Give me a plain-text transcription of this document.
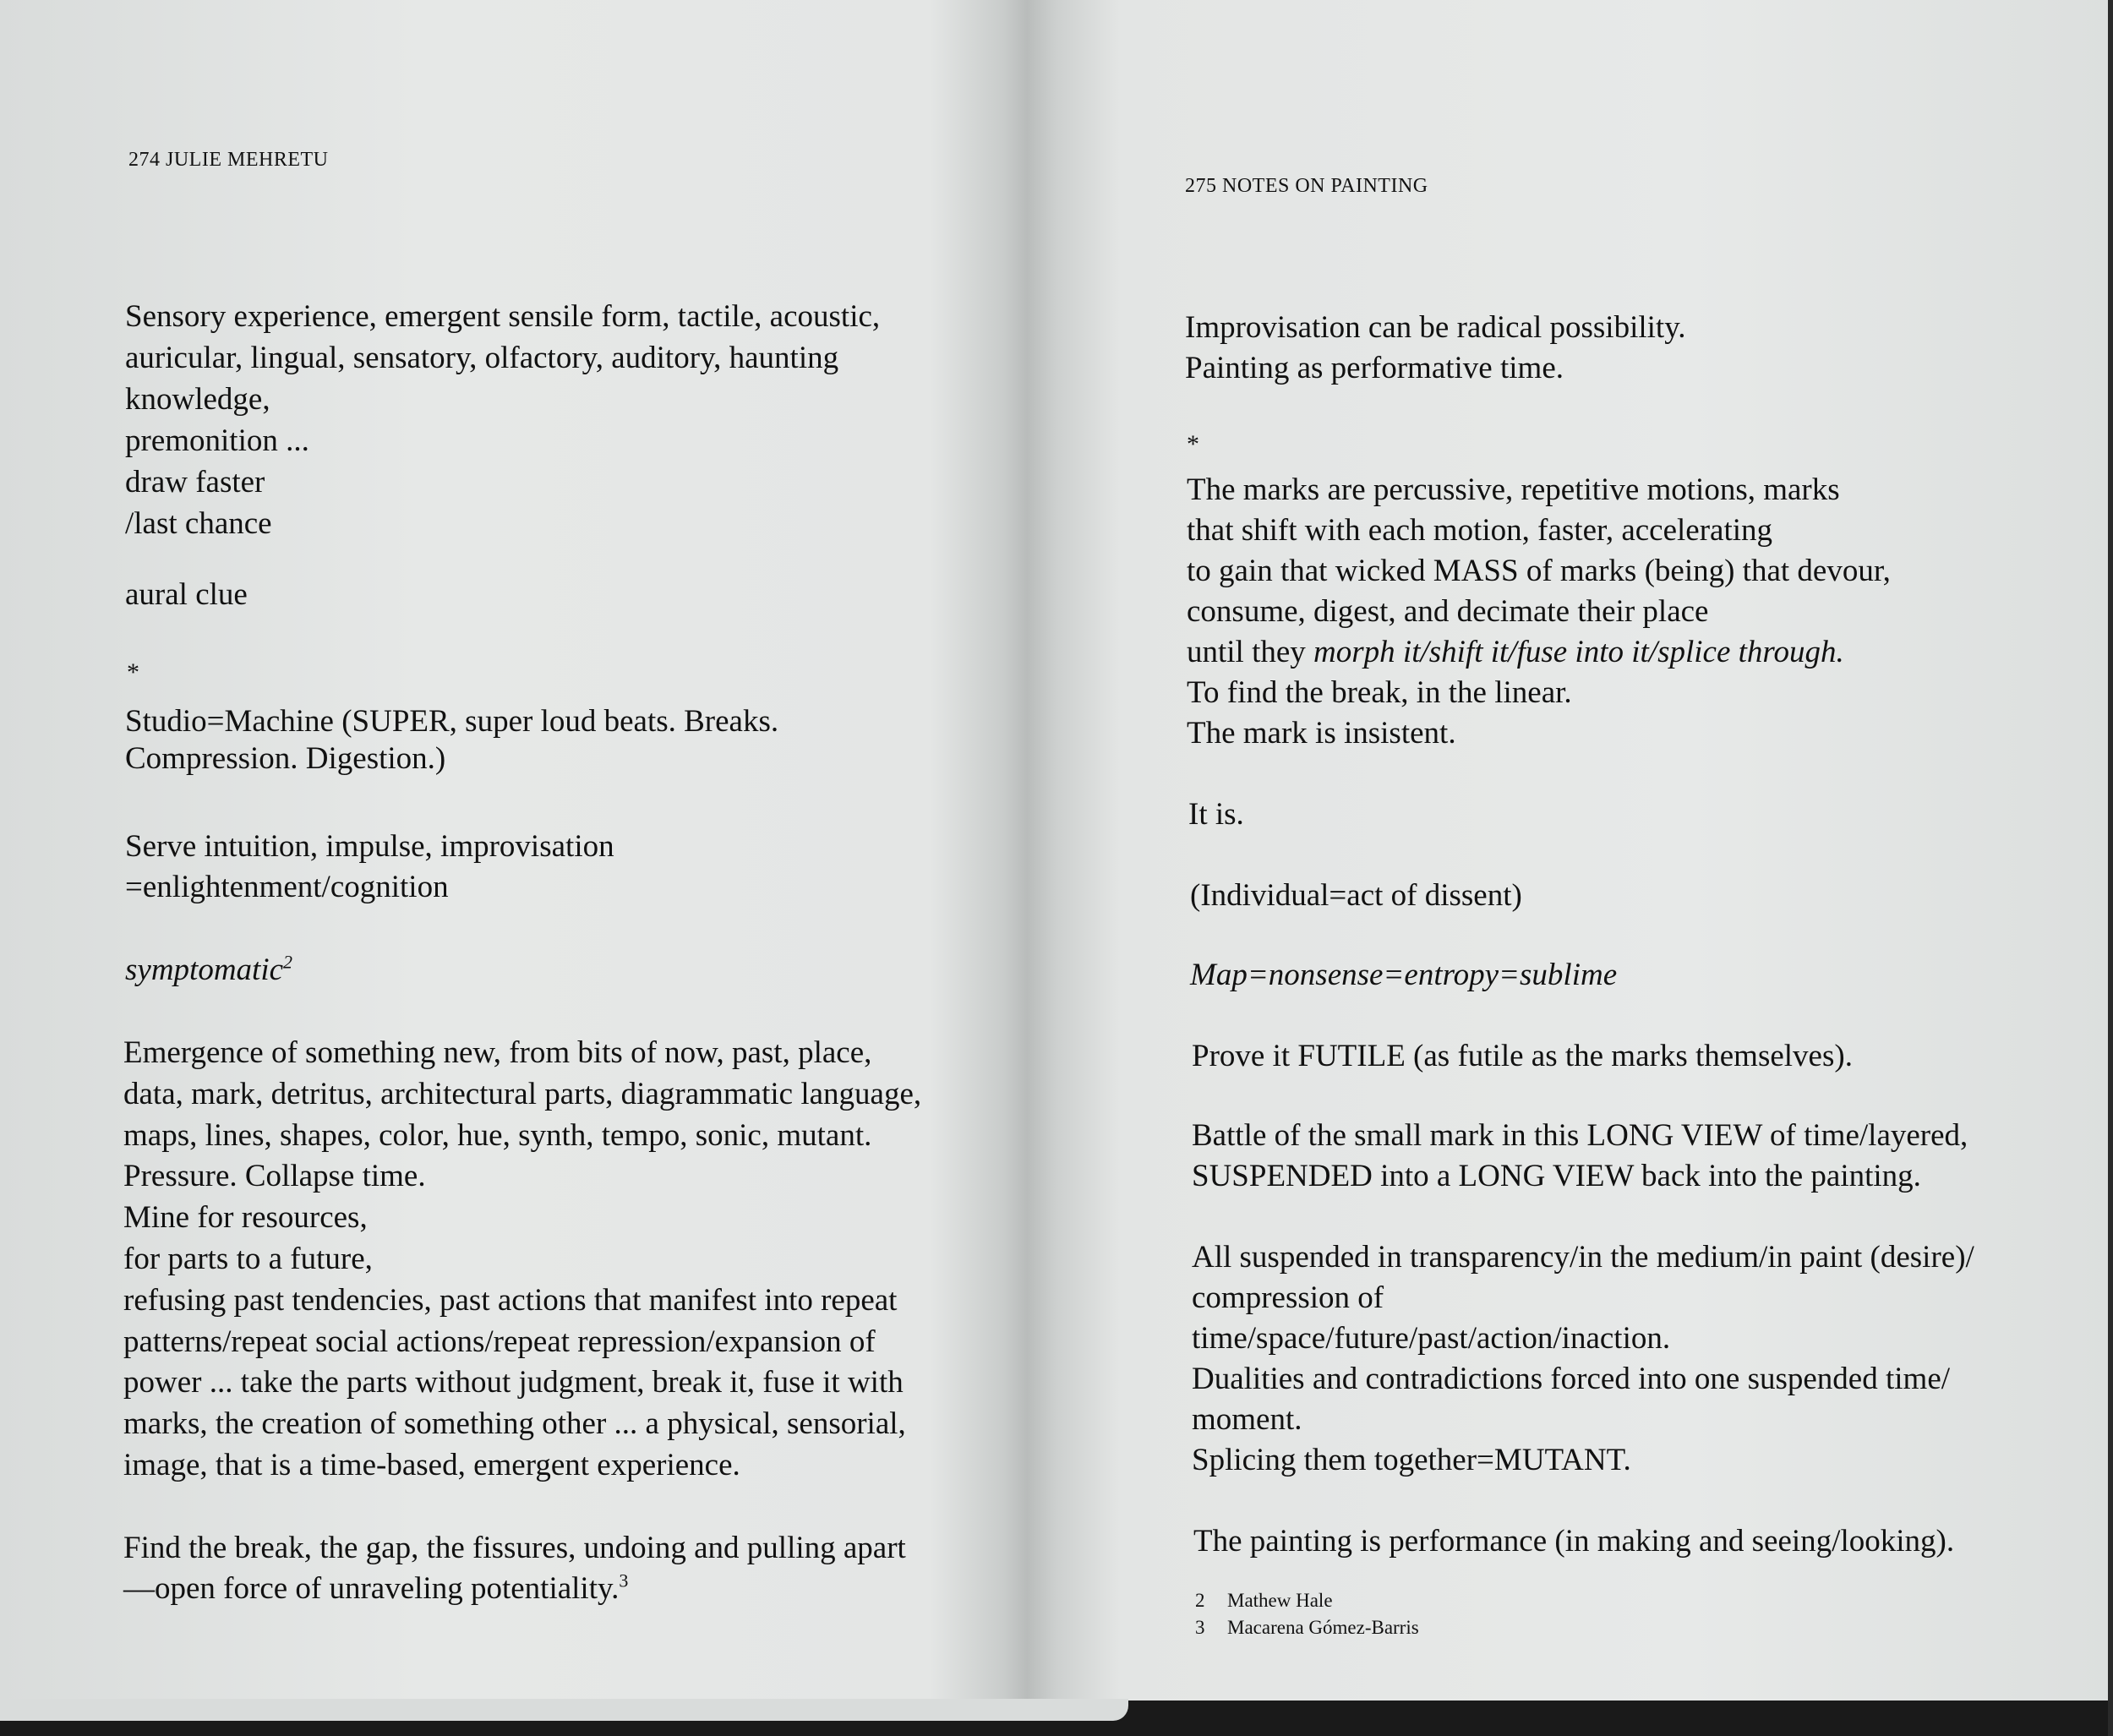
274 JULIE MEHRETU
Sensory experience, emergent sensile form, tactile, acoustic,
auricular, lingual, sensatory, olfactory, auditory, haunting
knowledge,
premonition ...
draw faster
/last chance
aural clue
*
Studio=Machine (SUPER, super loud beats. Breaks.
Compression. Digestion.)
Serve intuition, impulse, improvisation
=enlightenment/cognition
symptomatic$^2$
Emergence of something new, from bits of now, past, place,
data, mark, detritus, architectural parts, diagrammatic language,
maps, lines, shapes, color, hue, synth, tempo, sonic, mutant.
Pressure. Collapse time.
Mine for resources,
for parts to a future,
refusing past tendencies, past actions that manifest into repeat
patterns/repeat social actions/repeat repression/expansion of
power ... take the parts without judgment, break it, fuse it with
marks, the creation of something other ... a physical, sensorial,
image, that is a time-based, emergent experience.
Find the break, the gap, the fissures, undoing and pulling apart
—open force of unraveling potentiality.$^3$
275 NOTES ON PAINTING
Improvisation can be radical possibility.
Painting as performative time.
*
The marks are percussive, repetitive motions, marks
that shift with each motion, faster, accelerating
to gain that wicked MASS of marks (being) that devour,
consume, digest, and decimate their place
until they morph it/shift it/fuse into it/splice through.
To find the break, in the linear.
The mark is insistent.
It is.
(Individual=act of dissent)
Map=nonsense=entropy=sublime
Prove it FUTILE (as futile as the marks themselves).
Battle of the small mark in this LONG VIEW of time/layered,
SUSPENDED into a LONG VIEW back into the painting.
All suspended in transparency/in the medium/in paint (desire)/
compression of
time/space/future/past/action/inaction.
Dualities and contradictions forced into one suspended time/
moment.
Splicing them together=MUTANT.
The painting is performance (in making and seeing/looking).
2 Mathew Hale
3 Macarena Gómez-Barris
